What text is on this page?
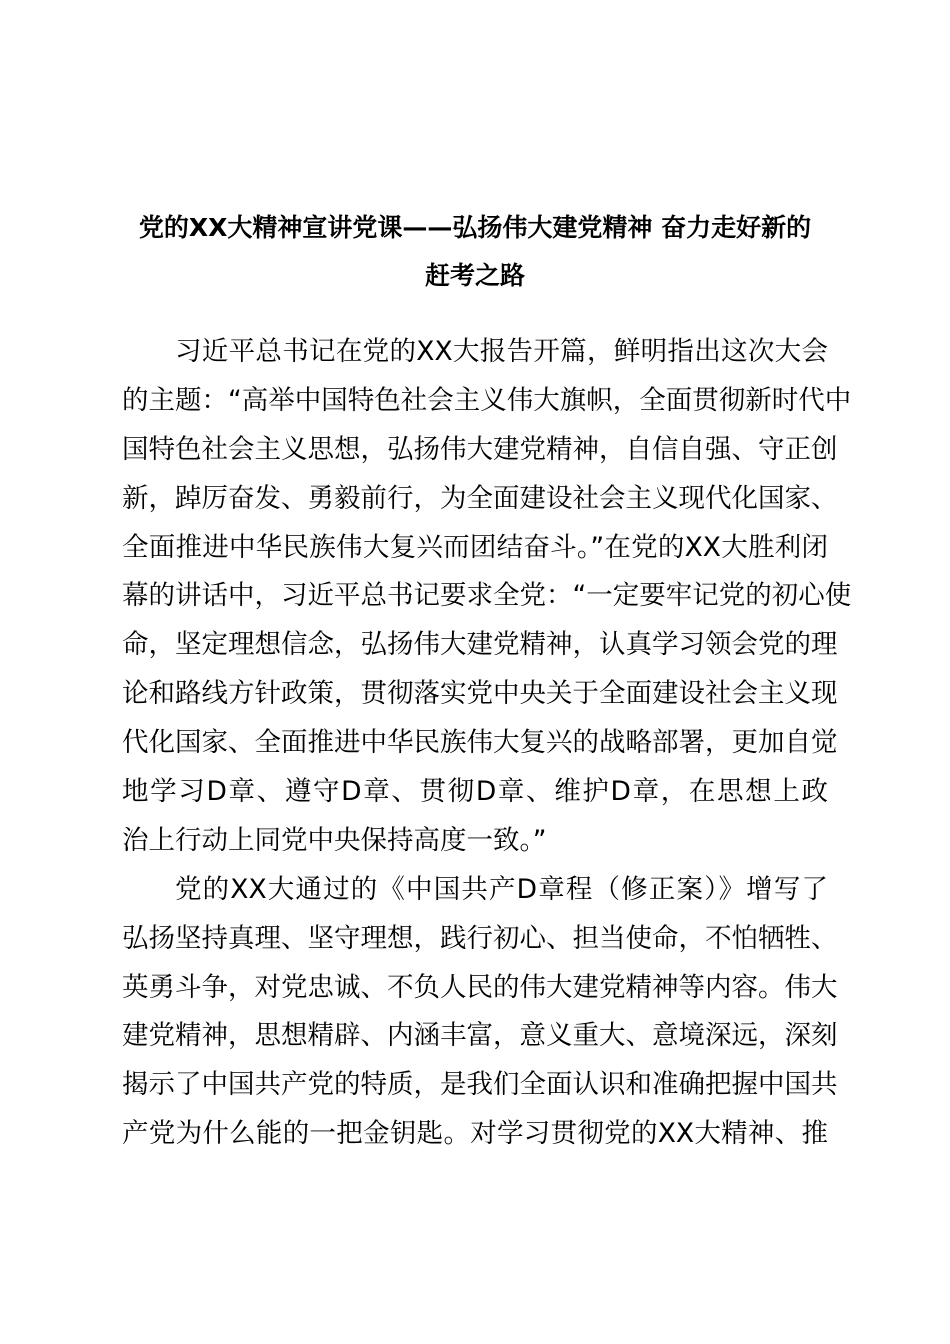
党的XX大精神宣讲党课——弘扬伟大建党精神 奋力走好新的
赶考之路
习近平总书记在党的XX大报告开篇，鲜明指出这次大会
的主题：“高举中国特色社会主义伟大旗帜，全面贯彻新时代中
国特色社会主义思想，弘扬伟大建党精神，自信自强、守正创
新，踔厉奋发、勇毅前行，为全面建设社会主义现代化国家、
全面推进中华民族伟大复兴而团结奋斗。”在党的XX大胜利闭
幕的讲话中，习近平总书记要求全党：“一定要牢记党的初心使
命，坚定理想信念，弘扬伟大建党精神，认真学习领会党的理
论和路线方针政策，贯彻落实党中央关于全面建设社会主义现
代化国家、全面推进中华民族伟大复兴的战略部署，更加自觉
地学习D章、遵守D章、贯彻D章、维护D章，在思想上政
治上行动上同党中央保持高度一致。”
党的XX大通过的《中国共产D章程（修正案）》增写了
弘扬坚持真理、坚守理想，践行初心、担当使命，不怕牺牲、
英勇斗争，对党忠诚、不负人民的伟大建党精神等内容。伟大
建党精神，思想精辟、内涵丰富，意义重大、意境深远，深刻
揭示了中国共产党的特质，是我们全面认识和准确把握中国共
产党为什么能的一把金钥匙。对学习贯彻党的XX大精神、推
